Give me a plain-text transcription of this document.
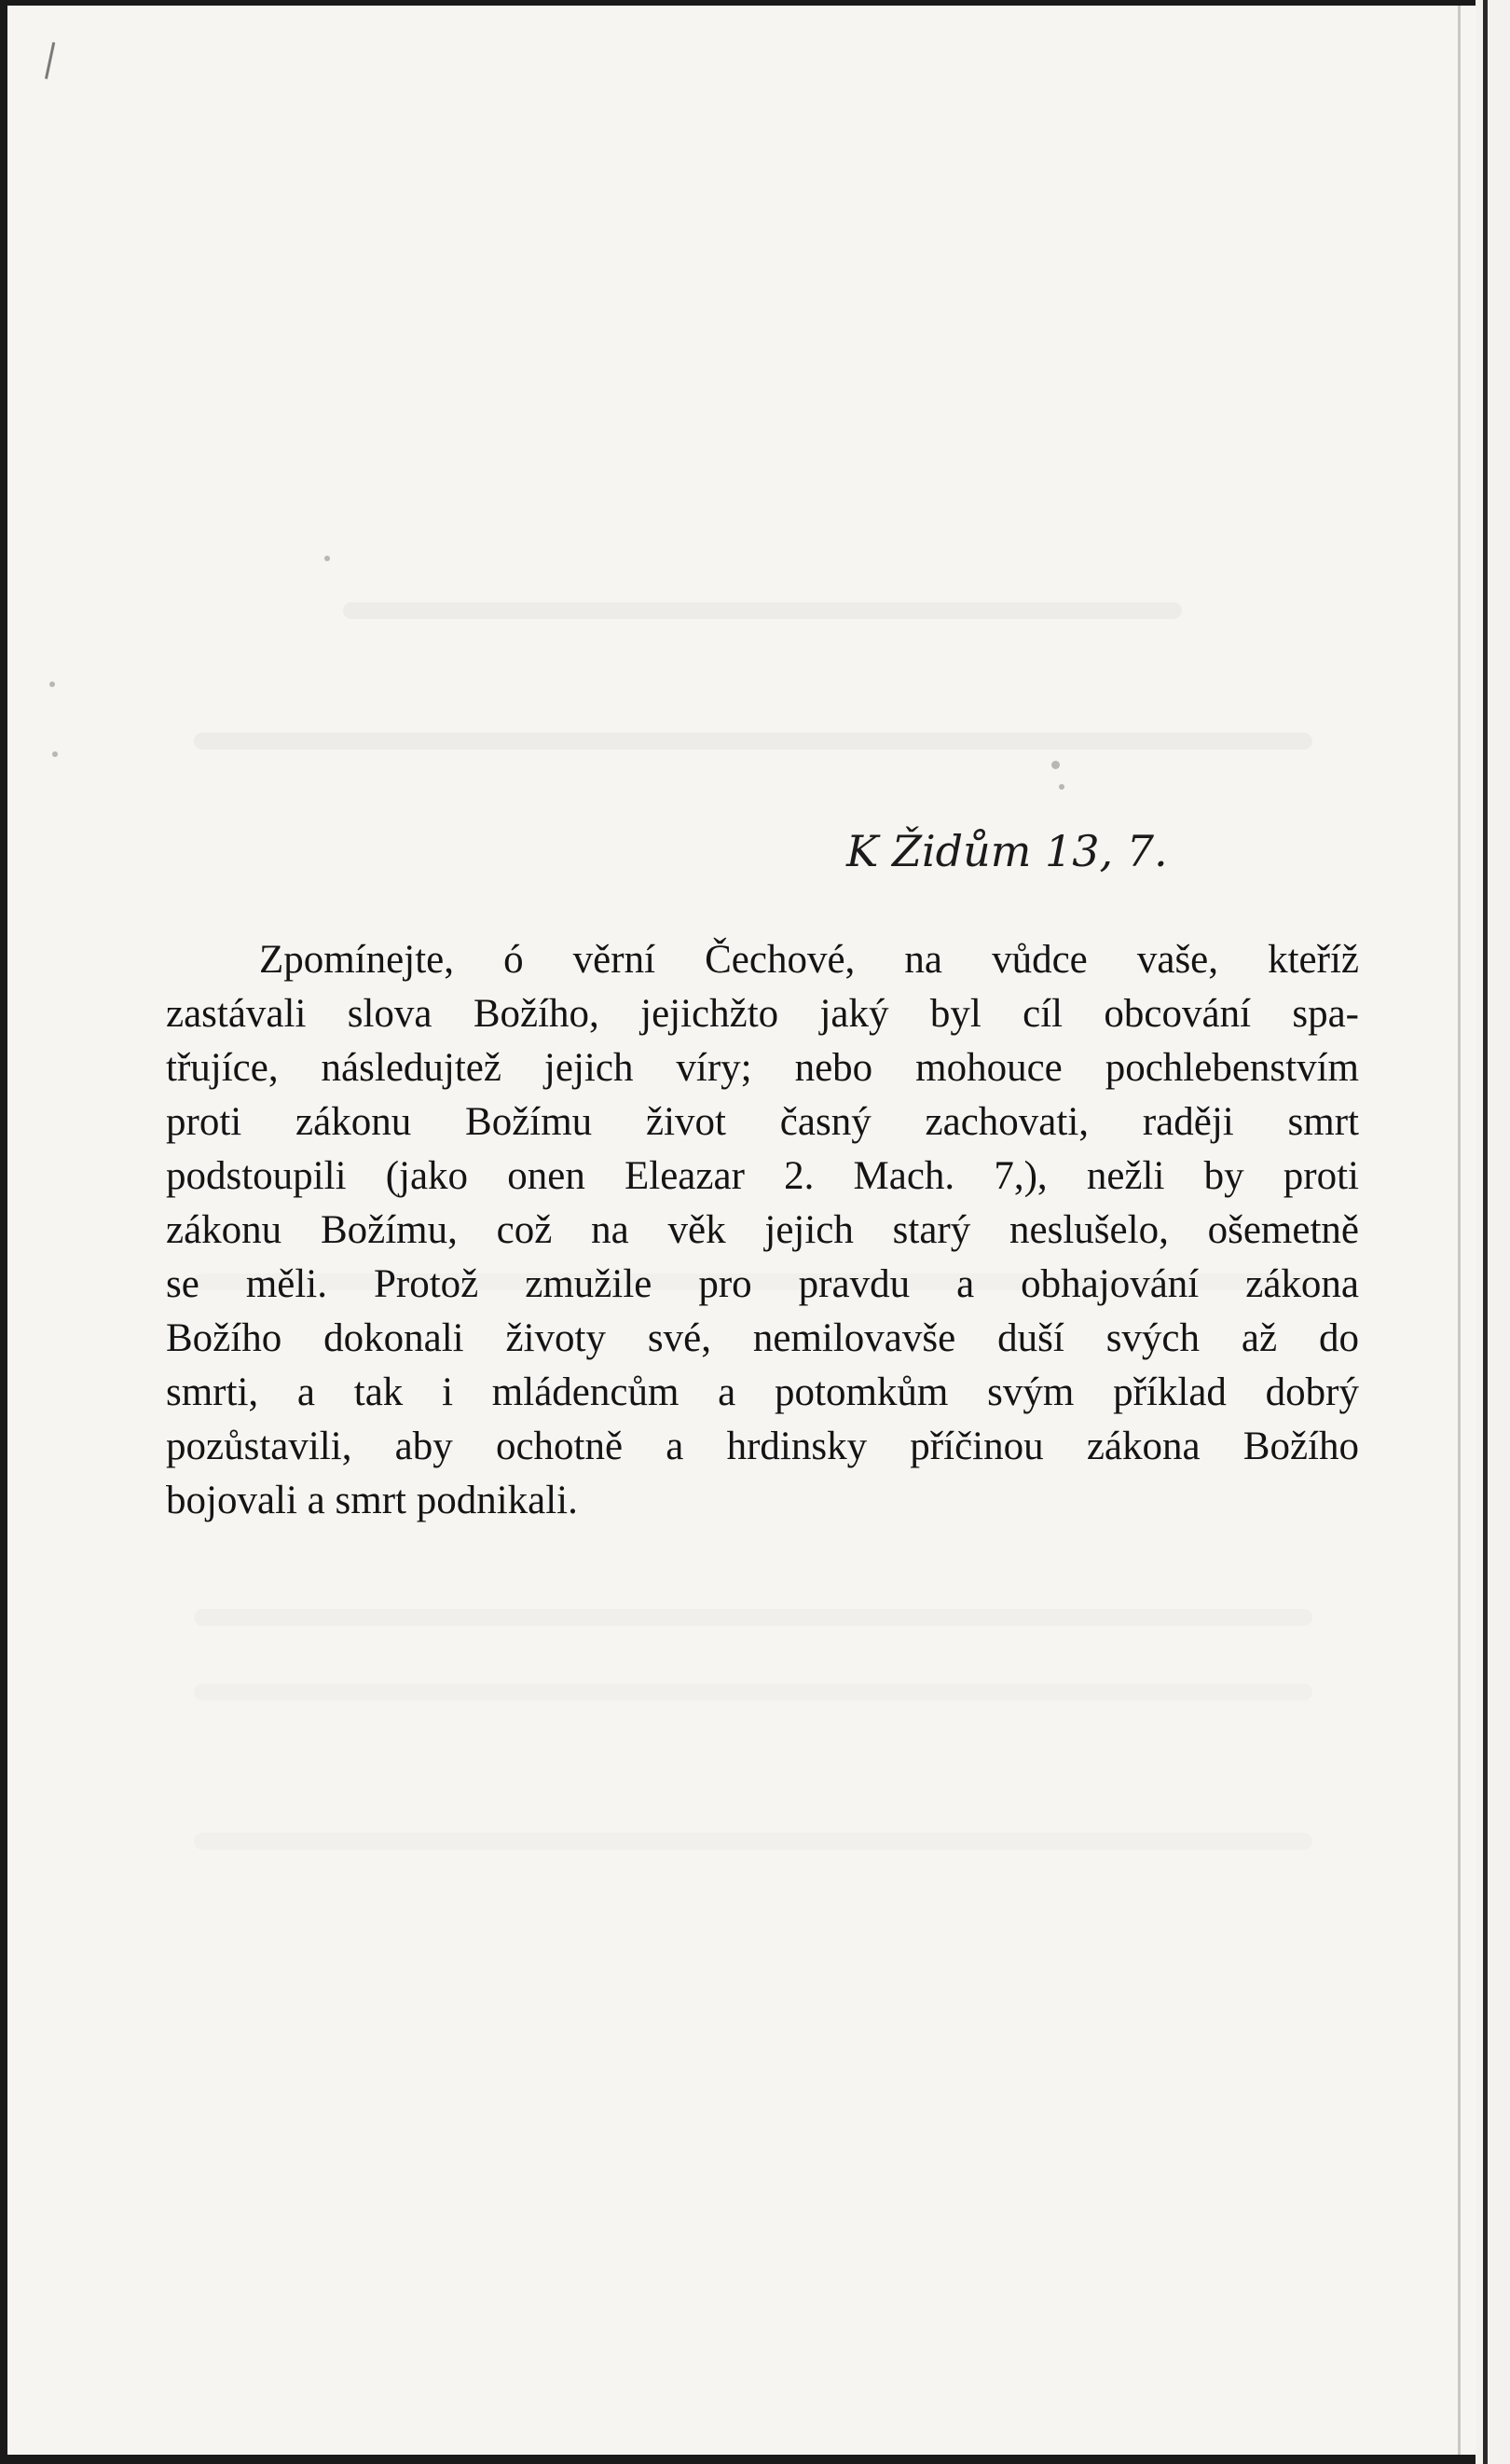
K Židům 13, 7.
Zpomínejte, ó věrní Čechové, na vůdce vaše, kteříž
zastávali slova Božího, jejichžto jaký byl cíl obcování spa-
třujíce, následujtež jejich víry; nebo mohouce pochlebenstvím
proti zákonu Božímu život časný zachovati, raději smrt
podstoupili (jako onen Eleazar 2. Mach. 7,), nežli by proti
zákonu Božímu, což na věk jejich starý neslušelo, ošemetně
se měli. Protož zmužile pro pravdu a obhajování zákona
Božího dokonali životy své, nemilovavše duší svých až do
smrti, a tak i mládencům a potomkům svým příklad dobrý
pozůstavili, aby ochotně a hrdinsky příčinou zákona Božího
bojovali a smrt podnikali.
